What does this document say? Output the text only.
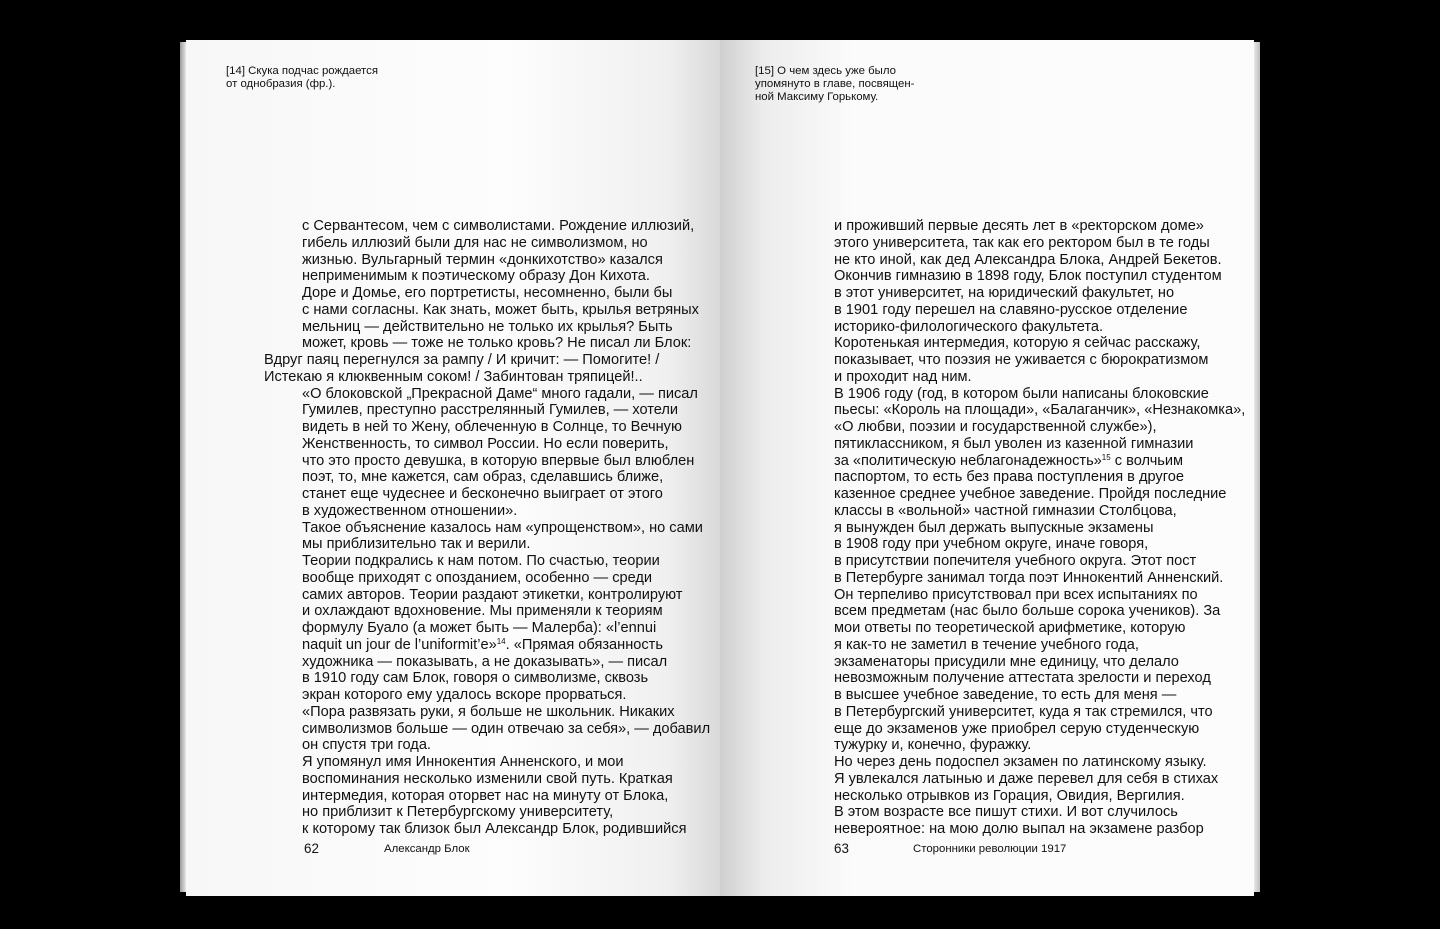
[14] Скука подчас рождается
от однобразия (фр.).
с Сервантесом, чем с символистами. Рождение иллюзий,
гибель иллюзий были для нас не символизмом, но
жизнью. Вульгарный термин «донкихотство» казался
неприменимым к поэтическому образу Дон Кихота.
Доре и Домье, его портретисты, несомненно, были бы
с нами согласны. Как знать, может быть, крылья ветряных
мельниц — действительно не только их крылья? Быть
может, кровь — тоже не только кровь? Не писал ли Блок:
Вдруг паяц перегнулся за рампу / И кричит: — Помогите! /
Истекаю я клюквенным соком! / Забинтован тряпицей!..
«О блоковской „Прекрасной Даме“ много гадали, — писал
Гумилев, преступно расстрелянный Гумилев, — хотели
видеть в ней то Жену, облеченную в Солнце, то Вечную
Женственность, то символ России. Но если поверить,
что это просто девушка, в которую впервые был влюблен
поэт, то, мне кажется, сам образ, сделавшись ближе,
станет еще чудеснее и бесконечно выиграет от этого
в художественном отношении».
Такое объяснение казалось нам «упрощенством», но сами
мы приблизительно так и верили.
Теории подкрались к нам потом. По счастью, теории
вообще приходят с опозданием, особенно — среди
самих авторов. Теории раздают этикетки, контролируют
и охлаждают вдохновение. Мы применяли к теориям
формулу Буало (а может быть — Малерба): «l’ennui
naquit un jour de l’uniformit’e»$^{14}$. «Прямая обязанность
художника — показывать, а не доказывать», — писал
в 1910 году сам Блок, говоря о символизме, сквозь
экран которого ему удалось вскоре прорваться.
«Пора развязать руки, я больше не школьник. Никаких
символизмов больше — один отвечаю за себя», — добавил
он спустя три года.
Я упомянул имя Иннокентия Анненского, и мои
воспоминания несколько изменили свой путь. Краткая
интермедия, которая оторвет нас на минуту от Блока,
но приблизит к Петербургскому университету,
к которому так близок был Александр Блок, родившийся
62	Александр Блок
[15] О чем здесь уже было
упомянуто в главе, посвящен-
ной Максиму Горькому.
и проживший первые десять лет в «ректорском доме»
этого университета, так как его ректором был в те годы
не кто иной, как дед Александра Блока, Андрей Бекетов.
Окончив гимназию в 1898 году, Блок поступил студентом
в этот университет, на юридический факультет, но
в 1901 году перешел на славяно-русское отделение
историко-филологического факультета.
Коротенькая интермедия, которую я сейчас расскажу,
показывает, что поэзия не уживается с бюрократизмом
и проходит над ним.
В 1906 году (год, в котором были написаны блоковские
пьесы: «Король на площади», «Балаганчик», «Незнакомка»,
«О любви, поэзии и государственной службе»),
пятиклассником, я был уволен из казенной гимназии
за «политическую неблагонадежность»$^{15}$ с волчьим
паспортом, то есть без права поступления в другое
казенное среднее учебное заведение. Пройдя последние
классы в «вольной» частной гимназии Столбцова,
я вынужден был держать выпускные экзамены
в 1908 году при учебном округе, иначе говоря,
в присутствии попечителя учебного округа. Этот пост
в Петербурге занимал тогда поэт Иннокентий Анненский.
Он терпеливо присутствовал при всех испытаниях по
всем предметам (нас было больше сорока учеников). За
мои ответы по теоретической арифметике, которую
я как-то не заметил в течение учебного года,
экзаменаторы присудили мне единицу, что делало
невозможным получение аттестата зрелости и переход
в высшее учебное заведение, то есть для меня —
в Петербургский университет, куда я так стремился, что
еще до экзаменов уже приобрел серую студенческую
тужурку и, конечно, фуражку.
Но через день подоспел экзамен по латинскому языку.
Я увлекался латынью и даже перевел для себя в стихах
несколько отрывков из Горация, Овидия, Вергилия.
В этом возрасте все пишут стихи. И вот случилось
невероятное: на мою долю выпал на экзамене разбор
63	Сторонники революции 1917
